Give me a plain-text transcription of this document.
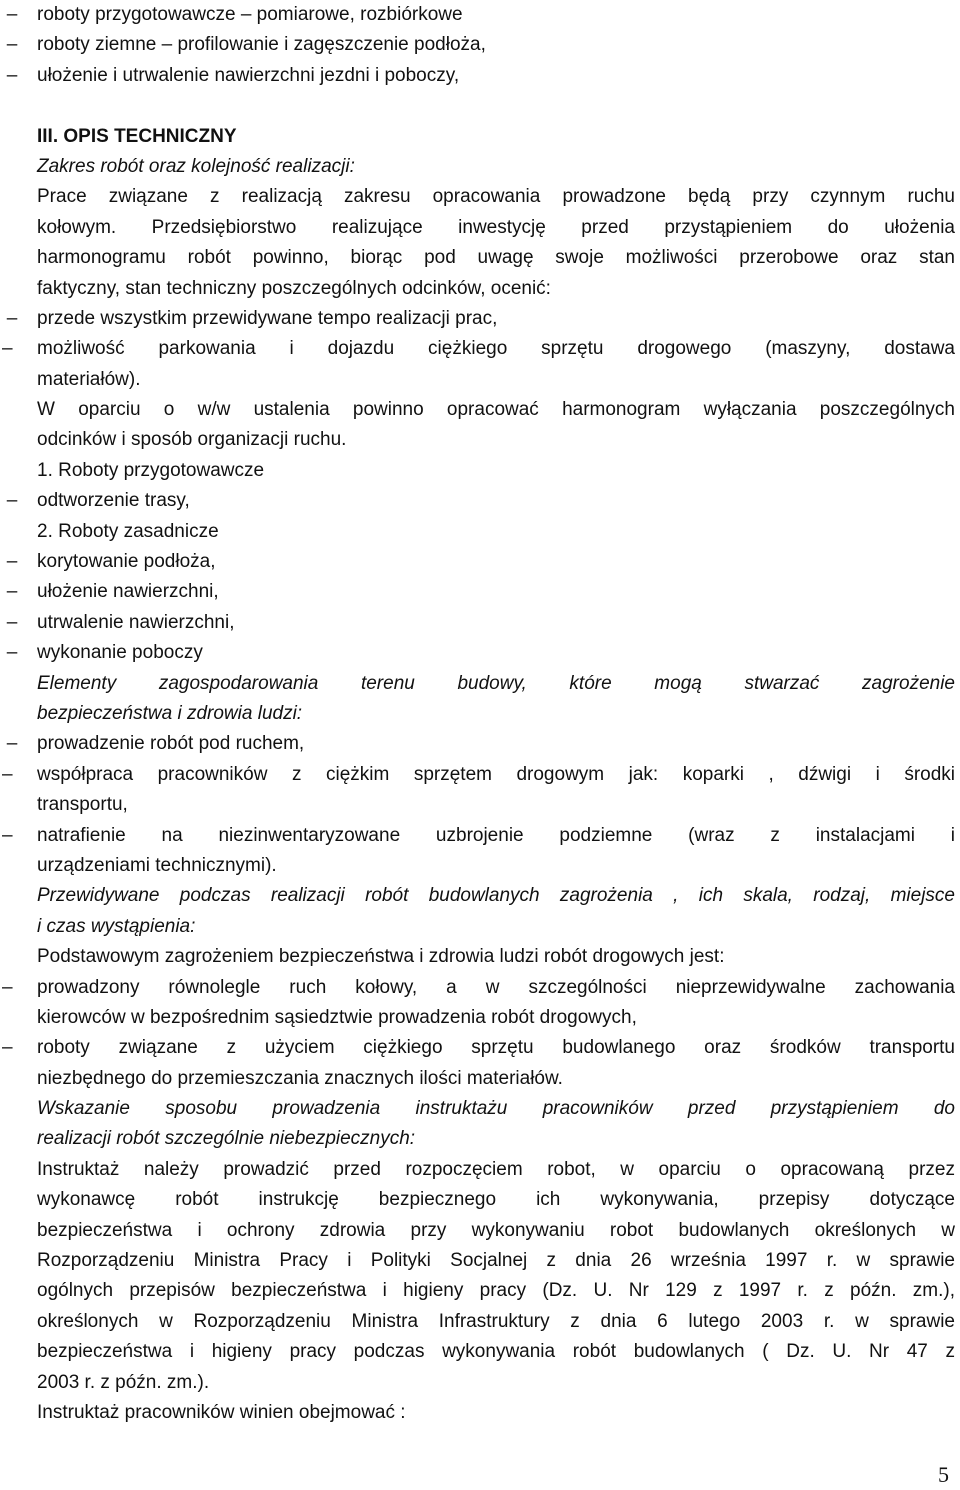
– roboty przygotowawcze – pomiarowe, rozbiórkowe
– roboty ziemne – profilowanie i zagęszczenie podłoża,
– ułożenie i utrwalenie nawierzchni jezdni i poboczy,
III. OPIS TECHNICZNY
Zakres robót oraz kolejność realizacji:
Prace związane z realizacją zakresu opracowania prowadzone będą przy czynnym ruchu
kołowym. Przedsiębiorstwo realizujące inwestycję przed przystąpieniem do ułożenia
harmonogramu robót powinno, biorąc pod uwagę swoje możliwości przerobowe oraz stan
faktyczny, stan techniczny poszczególnych odcinków, ocenić:
– przede wszystkim przewidywane tempo realizacji prac,
–	możliwość parkowania i dojazdu ciężkiego sprzętu drogowego (maszyny, dostawa
materiałów).
W oparciu o w/w ustalenia powinno opracować harmonogram wyłączania poszczególnych
odcinków i sposób organizacji ruchu.
1. Roboty przygotowawcze
– odtworzenie trasy,
2. Roboty zasadnicze
– korytowanie podłoża,
– ułożenie nawierzchni,
– utrwalenie nawierzchni,
– wykonanie poboczy
Elementy zagospodarowania terenu budowy, które mogą stwarzać zagrożenie
bezpieczeństwa i zdrowia ludzi:
– prowadzenie robót pod ruchem,
–	współpraca pracowników z ciężkim sprzętem drogowym jak: koparki , dźwigi i środki
transportu,
–	natrafienie na niezinwentaryzowane uzbrojenie podziemne (wraz z instalacjami i
urządzeniami technicznymi).
Przewidywane podczas realizacji robót budowlanych zagrożenia , ich skala, rodzaj, miejsce
i czas wystąpienia:
Podstawowym zagrożeniem bezpieczeństwa i zdrowia ludzi robót drogowych jest:
–	prowadzony równolegle ruch kołowy, a w szczególności nieprzewidywalne zachowania
kierowców w bezpośrednim sąsiedztwie prowadzenia robót drogowych,
–	roboty związane z użyciem ciężkiego sprzętu budowlanego oraz środków transportu
niezbędnego do przemieszczania znacznych ilości materiałów.
Wskazanie sposobu prowadzenia instruktażu pracowników przed przystąpieniem do
realizacji robót szczególnie niebezpiecznych:
Instruktaż należy prowadzić przed rozpoczęciem robot, w oparciu o opracowaną przez
wykonawcę robót instrukcję bezpiecznego ich wykonywania, przepisy dotyczące
bezpieczeństwa i ochrony zdrowia przy wykonywaniu robot budowlanych określonych w
Rozporządzeniu Ministra Pracy i Polityki Socjalnej z dnia 26 września 1997 r. w sprawie
ogólnych przepisów bezpieczeństwa i higieny pracy (Dz. U. Nr 129 z 1997 r. z późn. zm.),
określonych w Rozporządzeniu Ministra Infrastruktury z dnia 6 lutego 2003 r. w sprawie
bezpieczeństwa i higieny pracy podczas wykonywania robót budowlanych ( Dz. U. Nr 47 z
2003 r. z późn. zm.).
Instruktaż pracowników winien obejmować :
5
